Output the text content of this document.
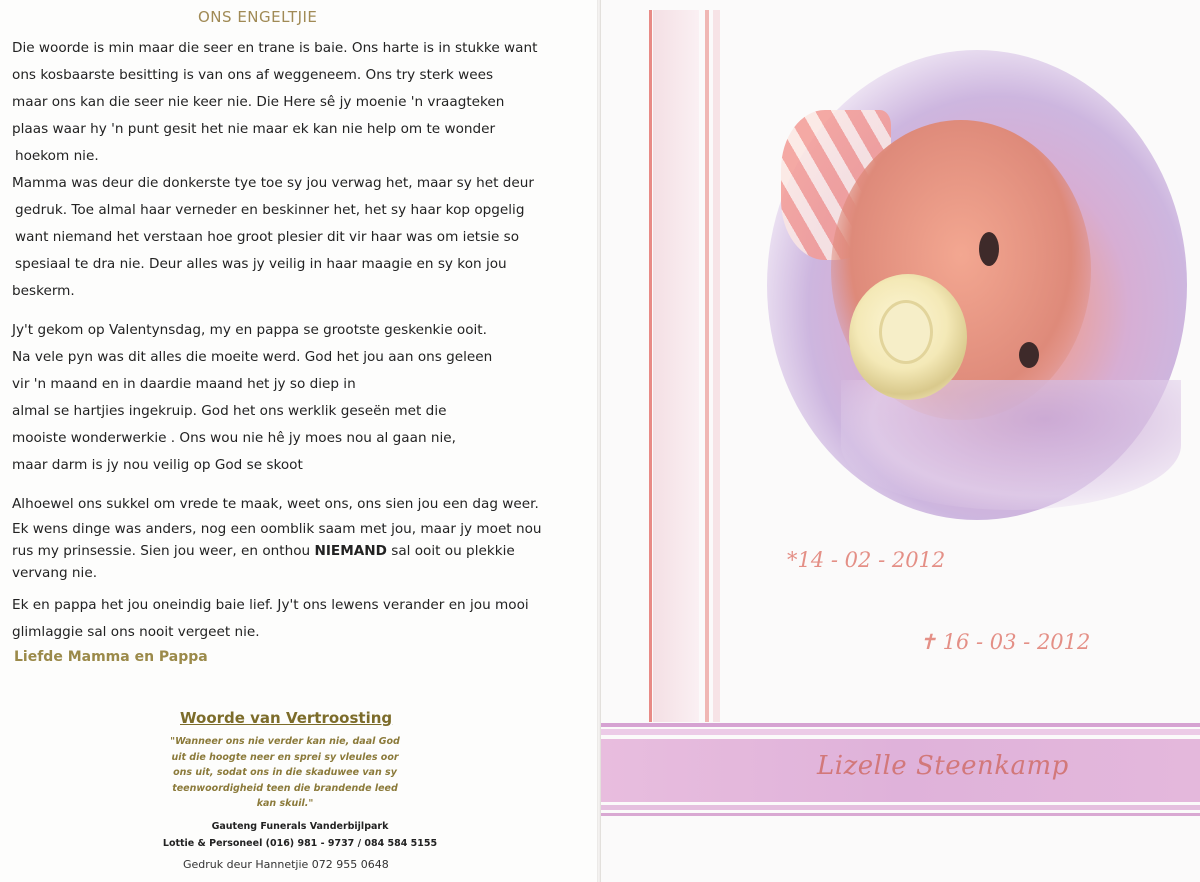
ONS ENGELTJIE
Die woorde is min maar die seer en trane is baie. Ons harte is in stukke want
ons kosbaarste besitting is van ons af weggeneem. Ons try sterk wees
maar ons kan die seer nie keer nie. Die Here sê jy moenie 'n vraagteken
plaas waar hy 'n punt gesit het nie maar ek kan nie help om te wonder
hoekom nie.
Mamma was deur die donkerste tye toe sy jou verwag het, maar sy het deur
gedruk. Toe almal haar verneder en beskinner het, het sy haar kop opgelig
want niemand het verstaan hoe groot plesier dit vir haar was om ietsie so
spesiaal te dra nie. Deur alles was jy veilig in haar maagie en sy kon jou
beskerm.
Jy't gekom op Valentynsdag, my en pappa se grootste geskenkie ooit.
Na vele pyn was dit alles die moeite werd. God het jou aan ons geleen
vir 'n maand en in daardie maand het jy so diep in
almal se hartjies ingekruip. God het ons werklik geseën met die
mooiste wonderwerkie . Ons wou nie hê jy moes nou al gaan nie,
maar darm is jy nou veilig op God se skoot
Alhoewel ons sukkel om vrede te maak, weet ons, ons sien jou een dag weer.
Ek wens dinge was anders, nog een oomblik saam met jou, maar jy moet nou
rus my prinsessie. Sien jou weer, en onthou NIEMAND sal ooit ou plekkie
vervang nie.
Ek en pappa het jou oneindig baie lief. Jy't ons lewens verander en jou mooi
glimlaggie sal ons nooit vergeet nie.
Liefde Mamma en Pappa
Woorde van Vertroosting
"Wanneer ons nie verder kan nie, daal God
uit die hoogte neer en sprei sy vleules oor
ons uit, sodat ons in die skaduwee van sy
teenwoordigheid teen die brandende leed
kan skuil."
Gauteng Funerals Vanderbijlpark
Lottie & Personeel (016) 981 - 9737 / 084 584 5155
Gedruk deur Hannetjie 072 955 0648
*14 - 02 - 2012
✝ 16 - 03 - 2012
Lizelle Steenkamp
